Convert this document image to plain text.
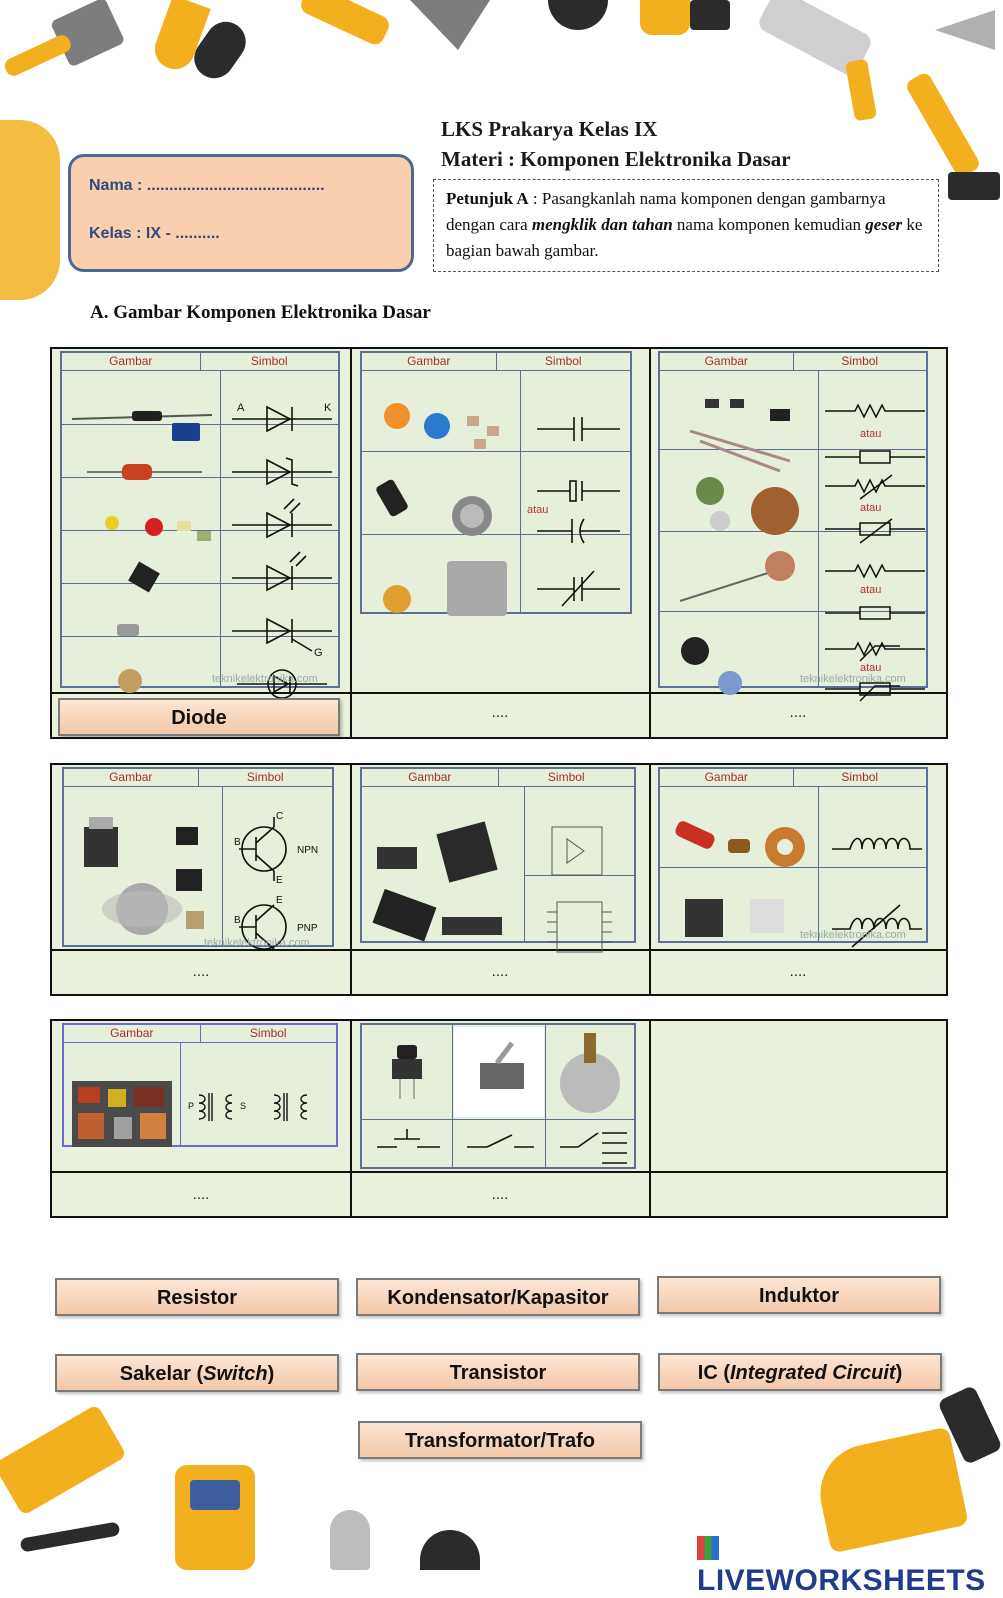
LKS Prakarya Kelas IX
Materi : Komponen Elektronika Dasar
Nama : ........................................
Kelas : IX - ..........
Petunjuk A : Pasangkanlah nama komponen dengan gambarnya dengan cara mengklik dan tahan nama komponen kemudian geser ke bagian bawah gambar.
A. Gambar Komponen Elektronika Dasar
Gambar	Simbol
A	K
G
teknikelektronika.com
Gambar	Simbol
atau
Gambar	Simbol
atau
atau
atau
atau
teknikelektronika.com
Diode	....	....
Gambar	Simbol
C
B
E
NPN
E
B
PNP
teknikelektronika.com
Gambar	Simbol	Gambar	Simbol
teknikelektronika.com
....	....	....
Gambar	Simbol
P	S
....	....
Resistor	Kondensator/Kapasitor	Induktor
Sakelar (Switch)	Transistor	IC (Integrated Circuit)
Transformator/Trafo
LIVEWORKSHEETS
